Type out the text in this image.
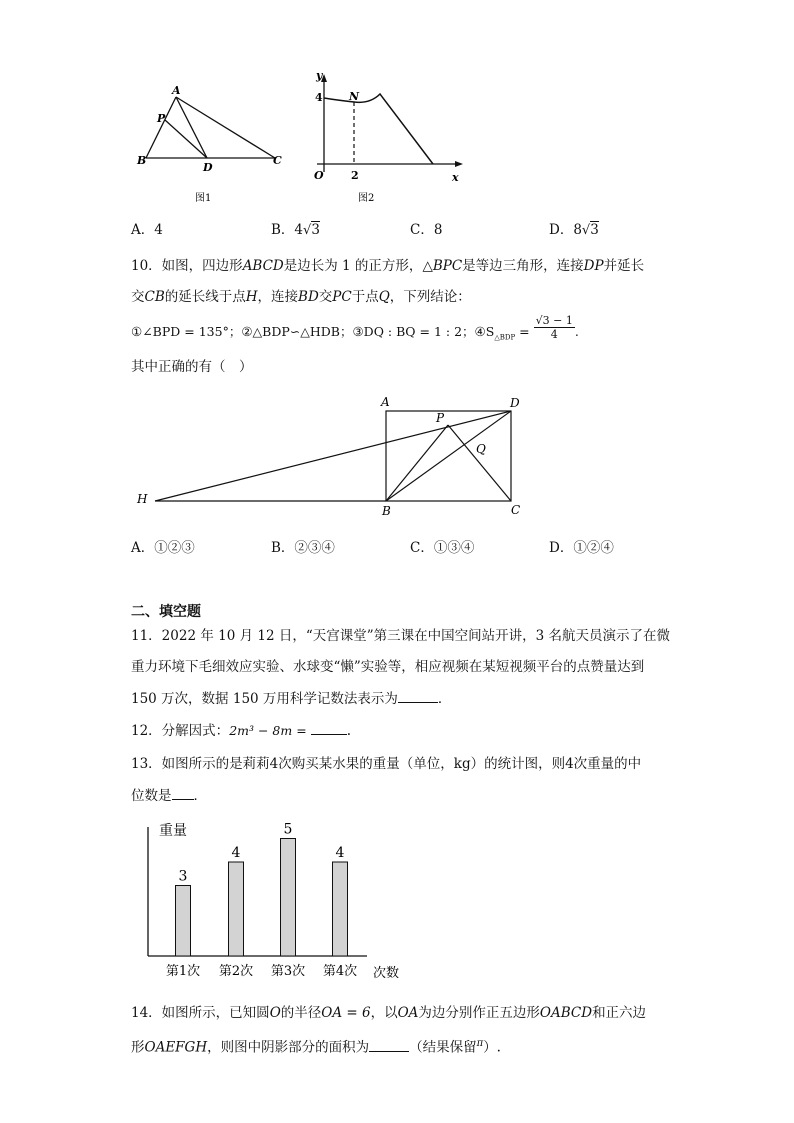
A
P
B
D
C
图1
y
4 N
O 2	x
图2
A．4	B．4√3	C．8	D．8√3
10．如图，四边形ABCD是边长为 1 的正方形，△BPC是等边三角形，连接DP并延长
交CB的延长线于点H，连接BD交PC于点Q，下列结论：
①∠BPD = 135°；②△BDP∽△HDB；③DQ : BQ = 1 : 2；$④S_{\triangle BDP} = \frac{√3 - 1}{4}$ .
其中正确的有（　）
A	D
P
Q
H
B	C
A．①②③	B．②③④	C．①③④	D．①②④
二、填空题
11．2022 年 10 月 12 日，“天宫课堂”第三课在中国空间站开讲，3 名航天员演示了在微
重力环境下毛细效应实验、水球变“懒”实验等，相应视频在某短视频平台的点赞量达到
150 万次，数据 150 万用科学记数法表示为	．
12．分解因式：2m³ − 8m =	.
13．如图所示的是莉莉4次购买某水果的重量（单位，kg）的统计图，则4次重量的中
位数是 ．
重量
次数
3
第1次
4
第2次
5
第3次
4
第4次
14．如图所示，已知圆O的半径OA = 6，以OA为边分别作正五边形OABCD和正六边
形OAEFGH，则图中阴影部分的面积为	（结果保留$^\pi$）.
